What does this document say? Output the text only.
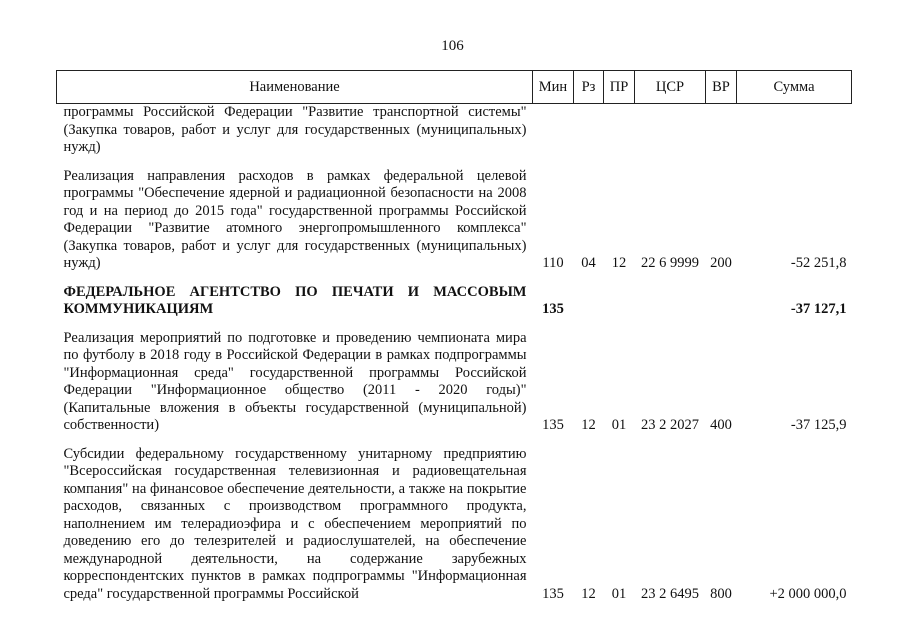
106
Наименование	Мин	Рз	ПР	ЦСР	ВР	Сумма
программы Российской Федерации "Развитие транспортной системы" (Закупка товаров, работ и услуг для государственных (муниципальных) нужд)						

Реализация направления расходов в рамках федеральной целевой программы "Обеспечение ядерной и радиационной безопасности на 2008 год и на период до 2015 года" государственной программы Российской Федерации "Развитие атомного энергопромышленного комплекса" (Закупка товаров, работ и услуг для государственных (муниципальных) нужд)	110	04	12	22 6 9999	200	-52 251,8

ФЕДЕРАЛЬНОЕ АГЕНТСТВО ПО ПЕЧАТИ И МАССОВЫМ КОММУНИКАЦИЯМ	135					-37 127,1

Реализация мероприятий по подготовке и проведению чемпионата мира по футболу в 2018 году в Российской Федерации в рамках подпрограммы "Информационная среда" государственной программы Российской Федерации "Информационное общество (2011 - 2020 годы)" (Капитальные вложения в объекты государственной (муниципальной) собственности)	135	12	01	23 2 2027	400	-37 125,9

Субсидии федеральному государственному унитарному предприятию "Всероссийская государственная телевизионная и радиовещательная компания" на финансовое обеспечение деятельности, а также на покрытие расходов, связанных с производством программного продукта, наполнением им телерадиоэфира и с обеспечением мероприятий по доведению его до телезрителей и радиослушателей, на обеспечение международной деятельности, на содержание зарубежных корреспондентских пунктов в рамках подпрограммы "Информационная среда" государственной программы Российской	135	12	01	23 2 6495	800	+2 000 000,0
